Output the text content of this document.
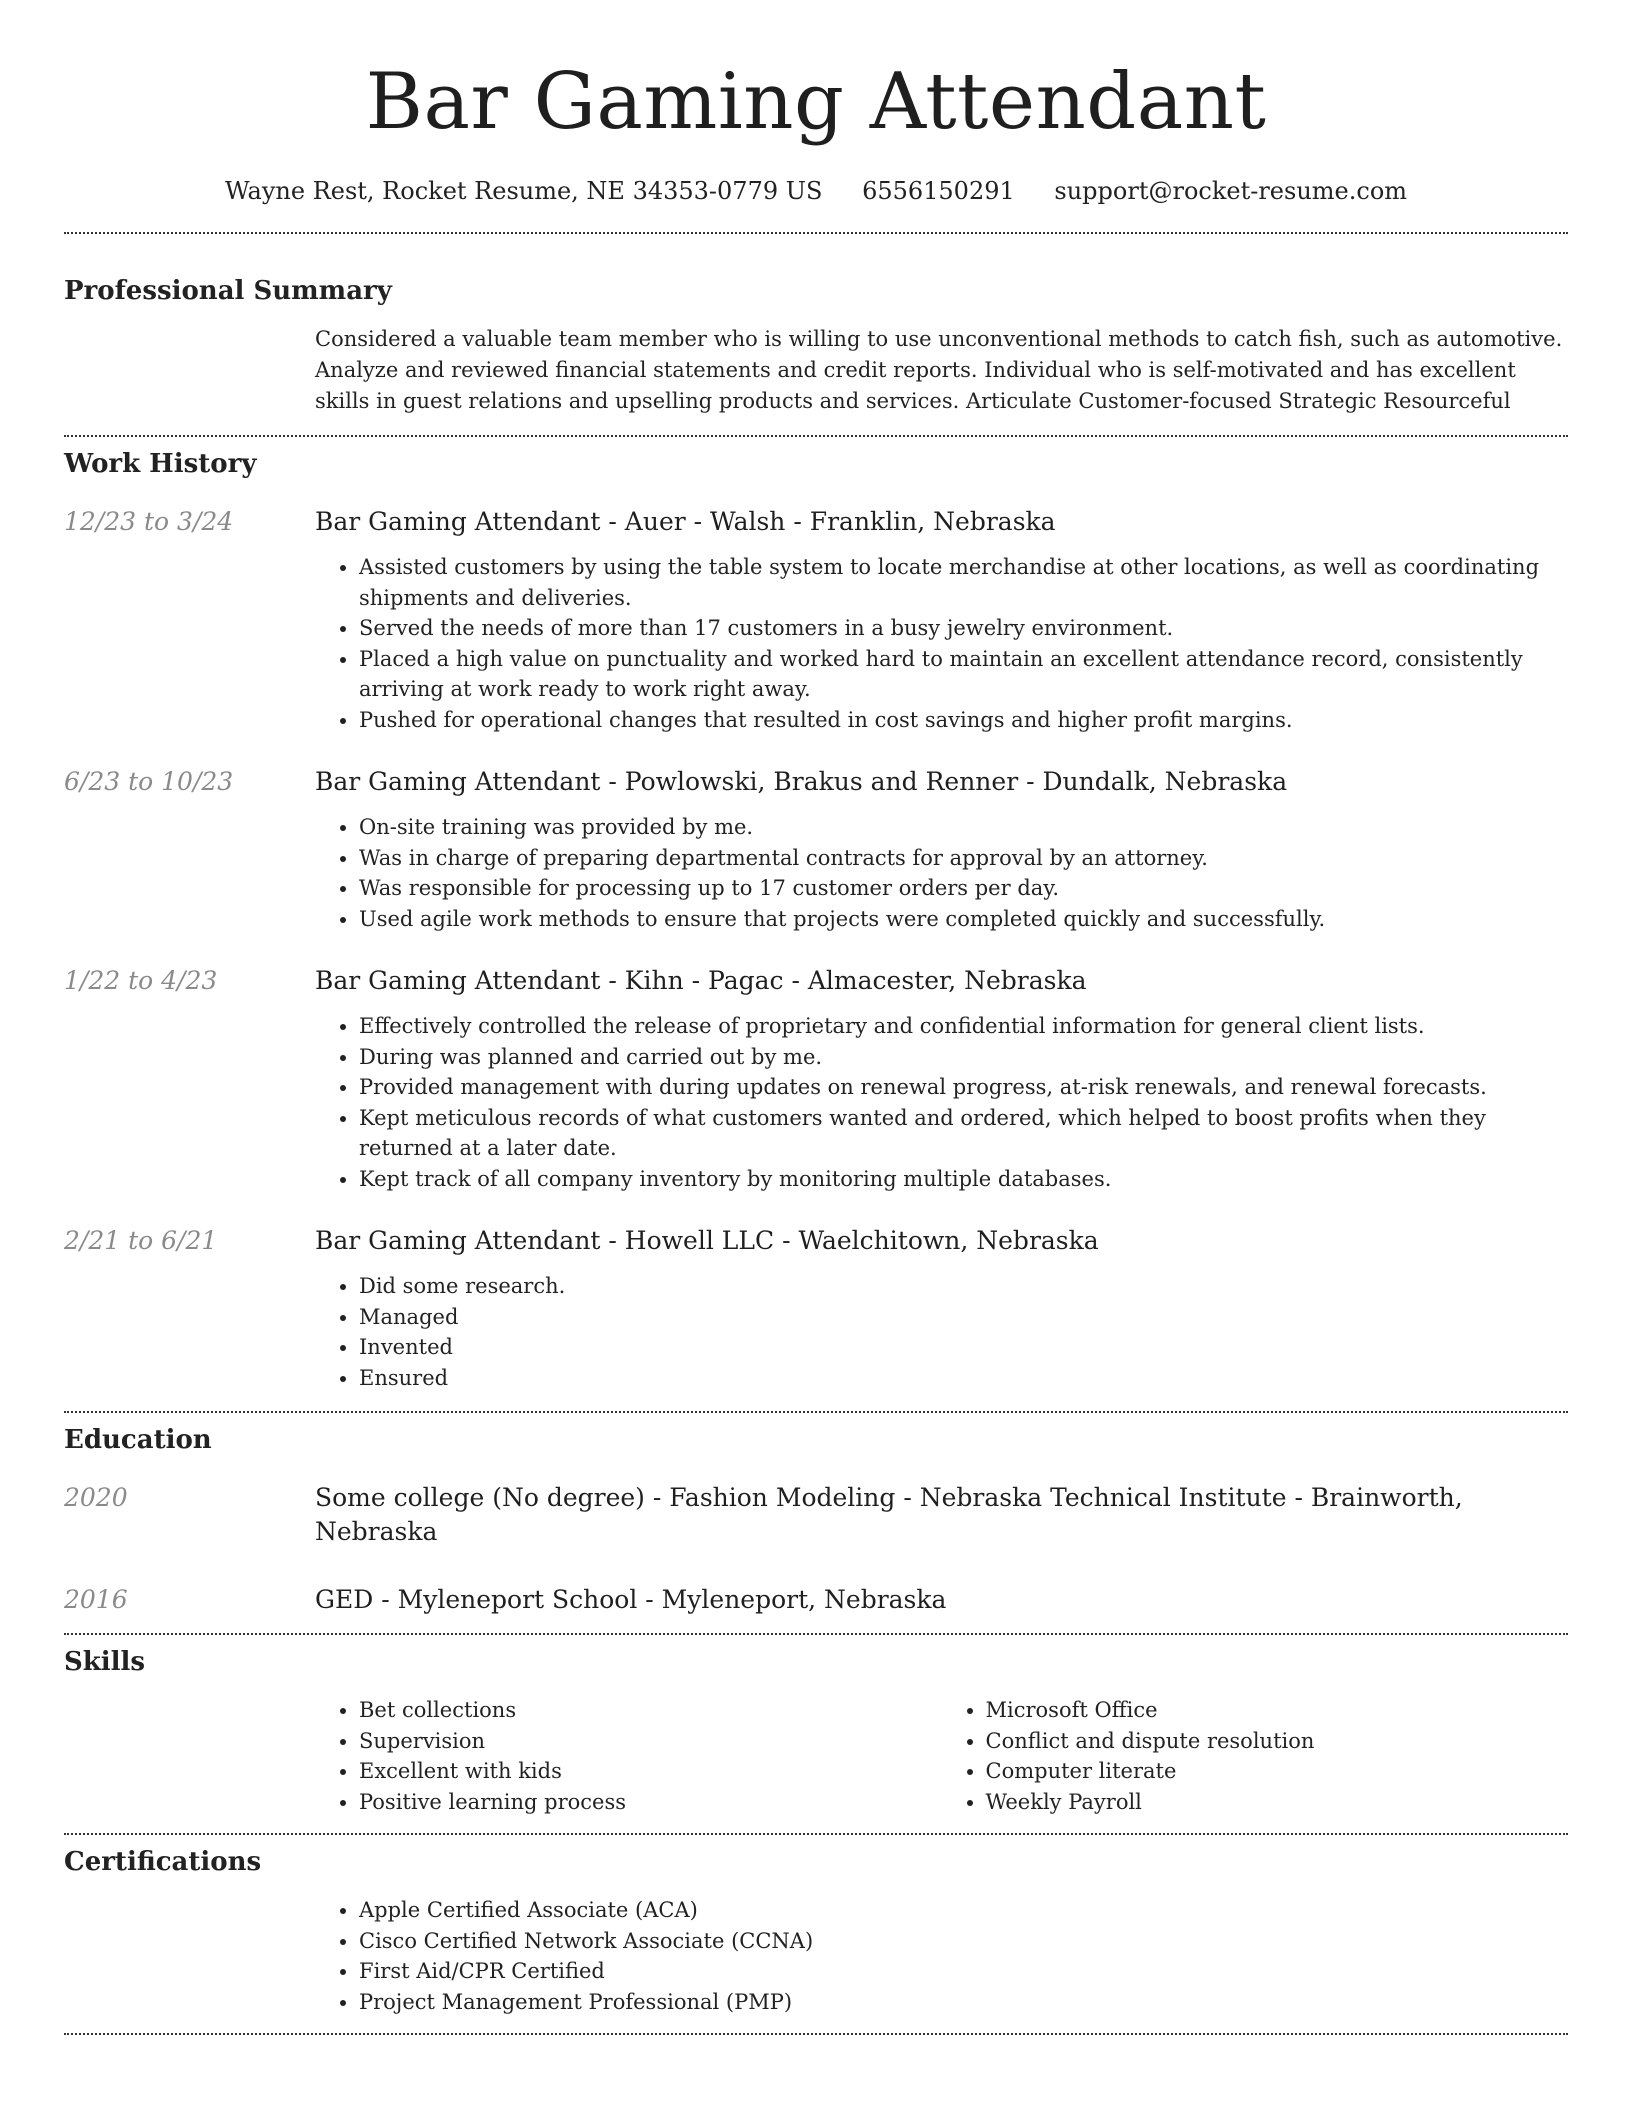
Bar Gaming Attendant
Wayne Rest, Rocket Resume, NE 34353-0779 US 6556150291 support@rocket-resume.com
Professional Summary

Considered a valuable team member who is willing to use unconventional methods to catch fish, such as automotive. Analyze and reviewed financial statements and credit reports. Individual who is self-motivated and has excellent skills in guest relations and upselling products and services. Articulate Customer-focused Strategic Resourceful

Work History
12/23 to 3/24	Bar Gaming Attendant - Auer - Walsh - Franklin, Nebraska
• Assisted customers by using the table system to locate merchandise at other locations, as well as coordinating shipments and deliveries.
• Served the needs of more than 17 customers in a busy jewelry environment.
• Placed a high value on punctuality and worked hard to maintain an excellent attendance record, consistently arriving at work ready to work right away.
• Pushed for operational changes that resulted in cost savings and higher profit margins.
6/23 to 10/23	Bar Gaming Attendant - Powlowski, Brakus and Renner - Dundalk, Nebraska
• On-site training was provided by me.
• Was in charge of preparing departmental contracts for approval by an attorney.
• Was responsible for processing up to 17 customer orders per day.
• Used agile work methods to ensure that projects were completed quickly and successfully.
1/22 to 4/23	Bar Gaming Attendant - Kihn - Pagac - Almacester, Nebraska
• Effectively controlled the release of proprietary and confidential information for general client lists.
• During was planned and carried out by me.
• Provided management with during updates on renewal progress, at-risk renewals, and renewal forecasts.
• Kept meticulous records of what customers wanted and ordered, which helped to boost profits when they returned at a later date.
• Kept track of all company inventory by monitoring multiple databases.
2/21 to 6/21	Bar Gaming Attendant - Howell LLC - Waelchitown, Nebraska
• Did some research.
• Managed
• Invented
• Ensured
Education
2020	Some college (No degree) - Fashion Modeling - Nebraska Technical Institute - Brainworth, Nebraska
2016	GED - Myleneport School - Myleneport, Nebraska
Skills
• Bet collections
• Supervision
• Excellent with kids
• Positive learning process
• Microsoft Office
• Conflict and dispute resolution
• Computer literate
• Weekly Payroll
Certifications
• Apple Certified Associate (ACA)
• Cisco Certified Network Associate (CCNA)
• First Aid/CPR Certified
• Project Management Professional (PMP)
